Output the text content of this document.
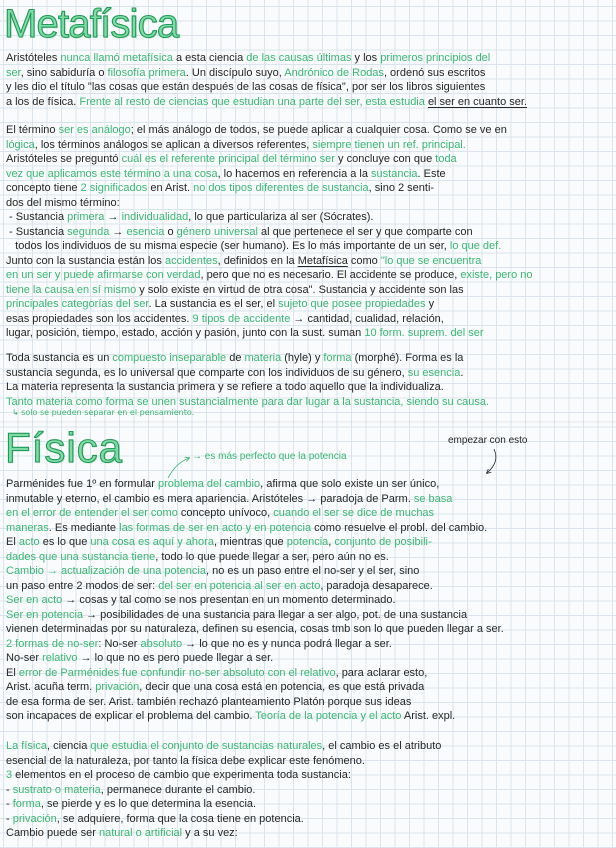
Metafísica
Aristóteles nunca llamó metafísica a esta ciencia de las causas últimas y los primeros principios del
ser, sino sabiduría o filosofía primera. Un discípulo suyo, Andrónico de Rodas, ordenó sus escritos
y les dio el título "las cosas que están después de las cosas de física", por ser los libros siguientes
a los de física. Frente al resto de ciencias que estudian una parte del ser, esta estudia el ser en cuanto ser.
El término ser es análogo; el más análogo de todos, se puede aplicar a cualquier cosa. Como se ve en
lógica, los términos análogos se aplican a diversos referentes, siempre tienen un ref. principal.
Aristóteles se preguntó cuál es el referente principal del término ser y concluye con que toda
vez que aplicamos este término a una cosa, lo hacemos en referencia a la sustancia. Este
concepto tiene 2 significados en Arist. no dos tipos diferentes de sustancia, sino 2 senti-
dos del mismo término:
- Sustancia primera → individualidad, lo que particulariza al ser (Sócrates).
- Sustancia segunda → esencia o género universal al que pertenece el ser y que comparte con
todos los individuos de su misma especie (ser humano). Es lo más importante de un ser, lo que def.
Junto con la sustancia están los accidentes, definidos en la Metafísica como "lo que se encuentra
en un ser y puede afirmarse con verdad, pero que no es necesario. El accidente se produce, existe, pero no
tiene la causa en sí mismo y solo existe en virtud de otra cosa". Sustancia y accidente son las
principales categorías del ser. La sustancia es el ser, el sujeto que posee propiedades y
esas propiedades son los accidentes. 9 tipos de accidente → cantidad, cualidad, relación,
lugar, posición, tiempo, estado, acción y pasión, junto con la sust. suman 10 form. suprem. del ser
Toda sustancia es un compuesto inseparable de materia (hyle) y forma (morphé). Forma es la
sustancia segunda, es lo universal que comparte con los individuos de su género, su esencia.
La materia representa la sustancia primera y se refiere a todo aquello que la individualiza.
Tanto materia como forma se unen sustancialmente para dar lugar a la sustancia, siendo su causa.
↳ solo se pueden separar en el pensamiento.
Física	empezar con esto
→ es más perfecto que la potencia
Parménides fue 1º en formular problema del cambio, afirma que solo existe un ser único,
inmutable y eterno, el cambio es mera apariencia. Aristóteles → paradoja de Parm. se basa
en el error de entender el ser como concepto unívoco, cuando el ser se dice de muchas
maneras. Es mediante las formas de ser en acto y en potencia como resuelve el probl. del cambio.
El acto es lo que una cosa es aquí y ahora, mientras que potencia, conjunto de posibili-
dades que una sustancia tiene, todo lo que puede llegar a ser, pero aún no es.
Cambio → actualización de una potencia, no es un paso entre el no-ser y el ser, sino
un paso entre 2 modos de ser: del ser en potencia al ser en acto, paradoja desaparece.
Ser en acto → cosas y tal como se nos presentan en un momento determinado.
Ser en potencia → posibilidades de una sustancia para llegar a ser algo, pot. de una sustancia
vienen determinadas por su naturaleza, definen su esencia, cosas tmb son lo que pueden llegar a ser.
2 formas de no-ser: No-ser absoluto → lo que no es y nunca podrá llegar a ser.
No-ser relativo → lo que no es pero puede llegar a ser.
El error de Parménides fue confundir no-ser absoluto con el relativo, para aclarar esto,
Arist. acuña term. privación, decir que una cosa está en potencia, es que está privada
de esa forma de ser. Arist. también rechazó planteamiento Platón porque sus ideas
son incapaces de explicar el problema del cambio. Teoría de la potencia y el acto Arist. expl.
La física, ciencia que estudia el conjunto de sustancias naturales, el cambio es el atributo
esencial de la naturaleza, por tanto la física debe explicar este fenómeno.
3 elementos en el proceso de cambio que experimenta toda sustancia:
- sustrato o materia, permanece durante el cambio.
- forma, se pierde y es lo que determina la esencia.
- privación, se adquiere, forma que la cosa tiene en potencia.
Cambio puede ser natural o artificial y a su vez:
